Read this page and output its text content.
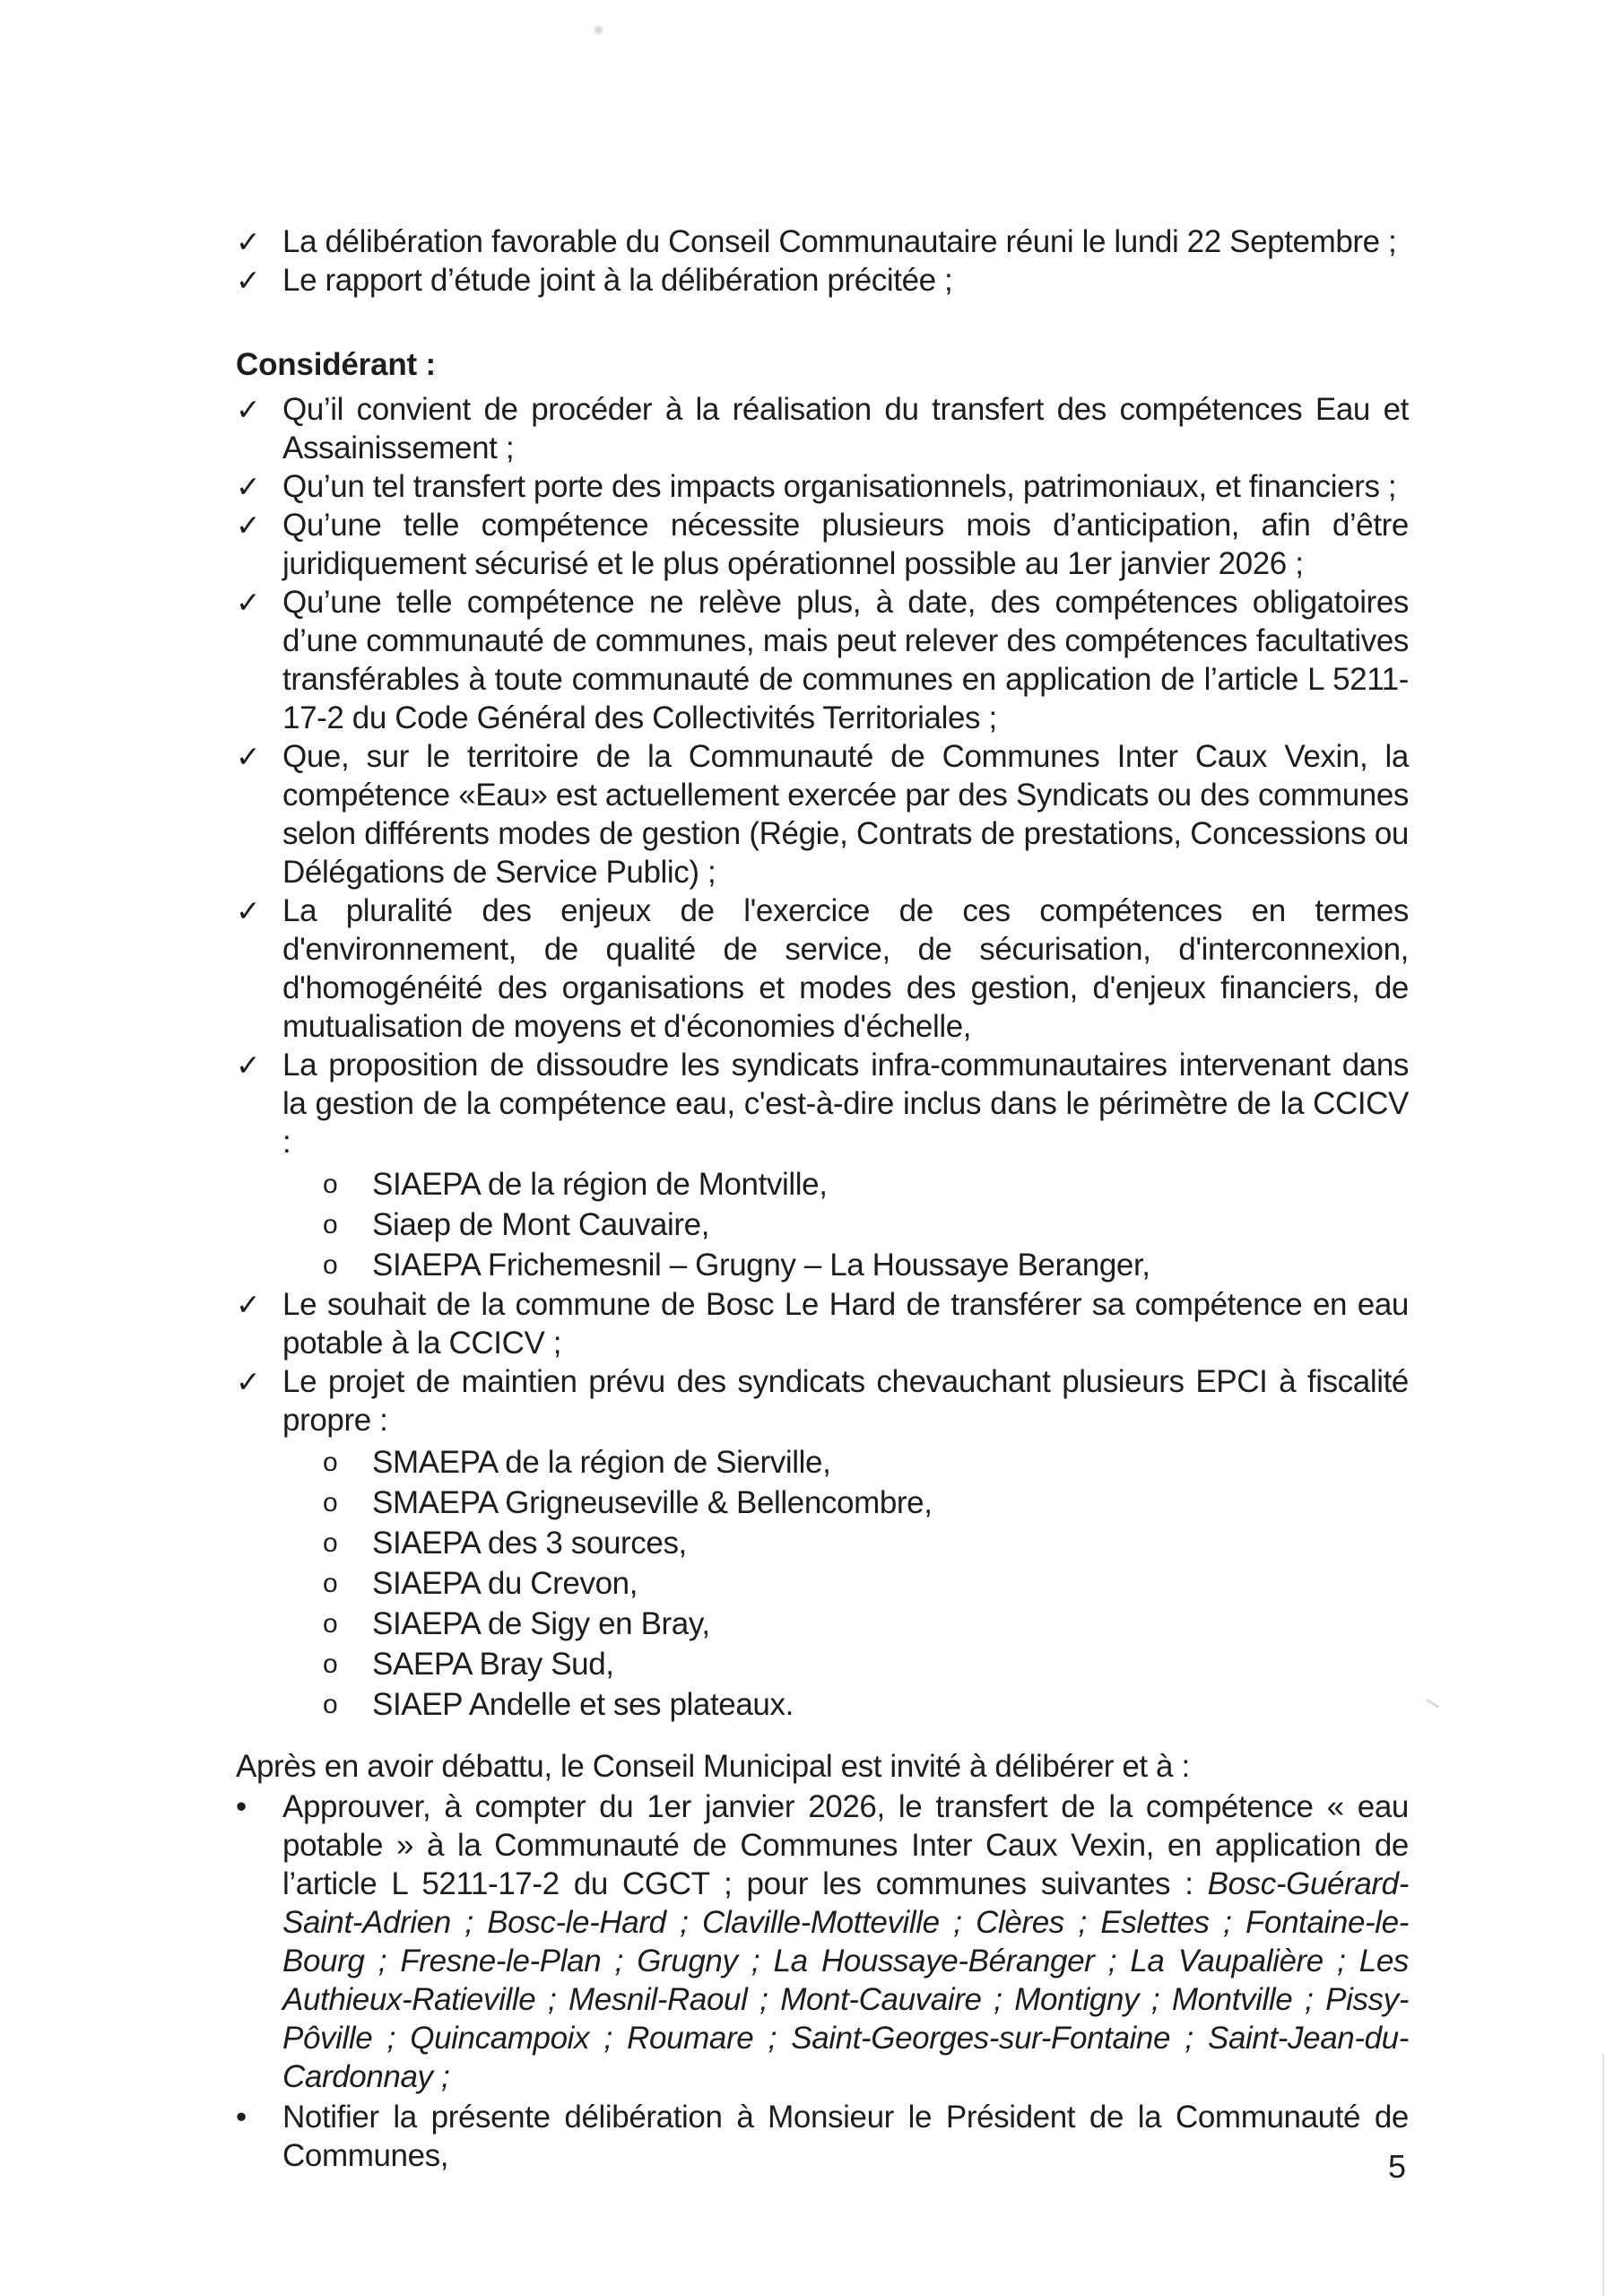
✓ La délibération favorable du Conseil Communautaire réuni le lundi 22 Septembre ;
✓ Le rapport d’étude joint à la délibération précitée ;
Considérant :
✓ Qu’il convient de procéder à la réalisation du transfert des compétences Eau et Assainissement ;
✓ Qu’un tel transfert porte des impacts organisationnels, patrimoniaux, et financiers ;
✓ Qu’une telle compétence nécessite plusieurs mois d’anticipation, afin d’être juridiquement sécurisé et le plus opérationnel possible au 1er janvier 2026 ;
✓ Qu’une telle compétence ne relève plus, à date, des compétences obligatoires d’une communauté de communes, mais peut relever des compétences facultatives transférables à toute communauté de communes en application de l’article L 5211-17-2 du Code Général des Collectivités Territoriales ;
✓ Que, sur le territoire de la Communauté de Communes Inter Caux Vexin, la compétence «Eau» est actuellement exercée par des Syndicats ou des communes selon différents modes de gestion (Régie, Contrats de prestations, Concessions ou Délégations de Service Public) ;
✓ La pluralité des enjeux de l'exercice de ces compétences en termes d'environnement, de qualité de service, de sécurisation, d'interconnexion, d'homogénéité des organisations et modes des gestion, d'enjeux financiers, de mutualisation de moyens et d'économies d'échelle,
✓ La proposition de dissoudre les syndicats infra-communautaires intervenant dans la gestion de la compétence eau, c'est-à-dire inclus dans le périmètre de la CCICV :
o	SIAEPA de la région de Montville,
o	Siaep de Mont Cauvaire,
o	SIAEPA Frichemesnil – Grugny – La Houssaye Beranger,
✓ Le souhait de la commune de Bosc Le Hard de transférer sa compétence en eau potable à la CCICV ;
✓ Le projet de maintien prévu des syndicats chevauchant plusieurs EPCI à fiscalité propre :
o	SMAEPA de la région de Sierville,
o	SMAEPA Grigneuseville & Bellencombre,
o	SIAEPA des 3 sources,
o	SIAEPA du Crevon,
o	SIAEPA de Sigy en Bray,
o	SAEPA Bray Sud,
o	SIAEP Andelle et ses plateaux.
Après en avoir débattu, le Conseil Municipal est invité à délibérer et à :
•	Approuver, à compter du 1er janvier 2026, le transfert de la compétence « eau potable » à la Communauté de Communes Inter Caux Vexin, en application de l’article L 5211-17-2 du CGCT ; pour les communes suivantes : Bosc-Guérard-Saint-Adrien ; Bosc-le-Hard ; Claville-Motteville ; Clères ; Eslettes ; Fontaine-le-Bourg ; Fresne-le-Plan ; Grugny ; La Houssaye-Béranger ; La Vaupalière ; Les Authieux-Ratieville ; Mesnil-Raoul ; Mont-Cauvaire ; Montigny ; Montville ; Pissy-Pôville ; Quincampoix ; Roumare ; Saint-Georges-sur-Fontaine ; Saint-Jean-du-Cardonnay ;
•	Notifier la présente délibération à Monsieur le Président de la Communauté de Communes,	5
